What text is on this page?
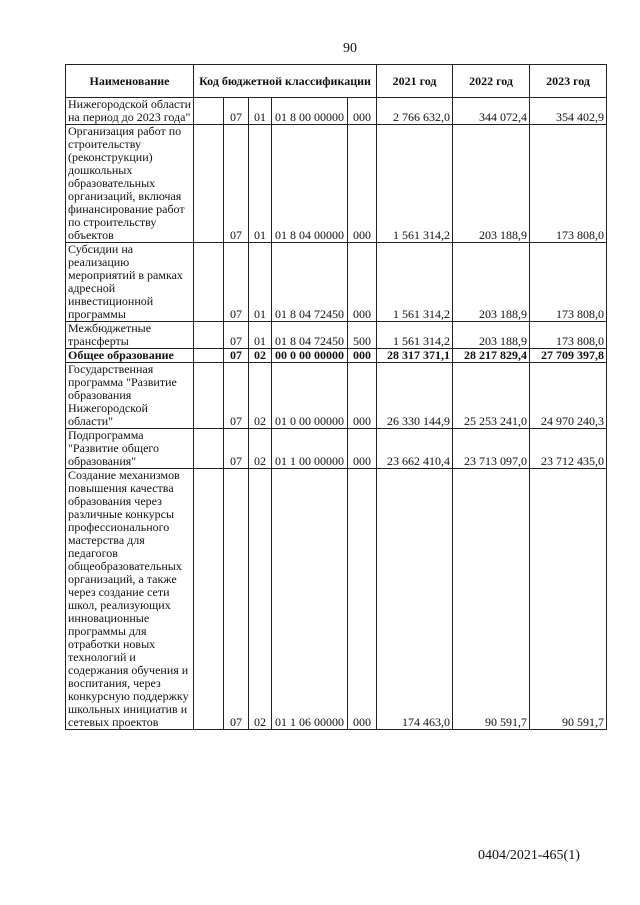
90
Наименование	Код бюджетной классификации					2021 год	2022 год	2023 год
Нижегородской области на период до 2023 года"		07	01	01 8 00 00000	000	2 766 632,0	344 072,4	354 402,9
Организация работ по строительству (реконструкции) дошкольных образовательных организаций, включая финансирование работ по строительству объектов		07	01	01 8 04 00000	000	1 561 314,2	203 188,9	173 808,0
Субсидии на реализацию мероприятий в рамках адресной инвестиционной программы		07	01	01 8 04 72450	000	1 561 314,2	203 188,9	173 808,0
Межбюджетные трансферты		07	01	01 8 04 72450	500	1 561 314,2	203 188,9	173 808,0
Общее образование		07	02	00 0 00 00000	000	28 317 371,1	28 217 829,4	27 709 397,8
Государственная программа "Развитие образования Нижегородской области"		07	02	01 0 00 00000	000	26 330 144,9	25 253 241,0	24 970 240,3
Подпрограмма "Развитие общего образования"		07	02	01 1 00 00000	000	23 662 410,4	23 713 097,0	23 712 435,0
Создание механизмов повышения качества образования через различные конкурсы профессионального мастерства для педагогов общеобразовательных организаций, а также через создание сети школ, реализующих инновационные программы для отработки новых технологий и содержания обучения и воспитания, через конкурсную поддержку школьных инициатив и сетевых проектов		07	02	01 1 06 00000	000	174 463,0	90 591,7	90 591,7
0404/2021-465(1)
